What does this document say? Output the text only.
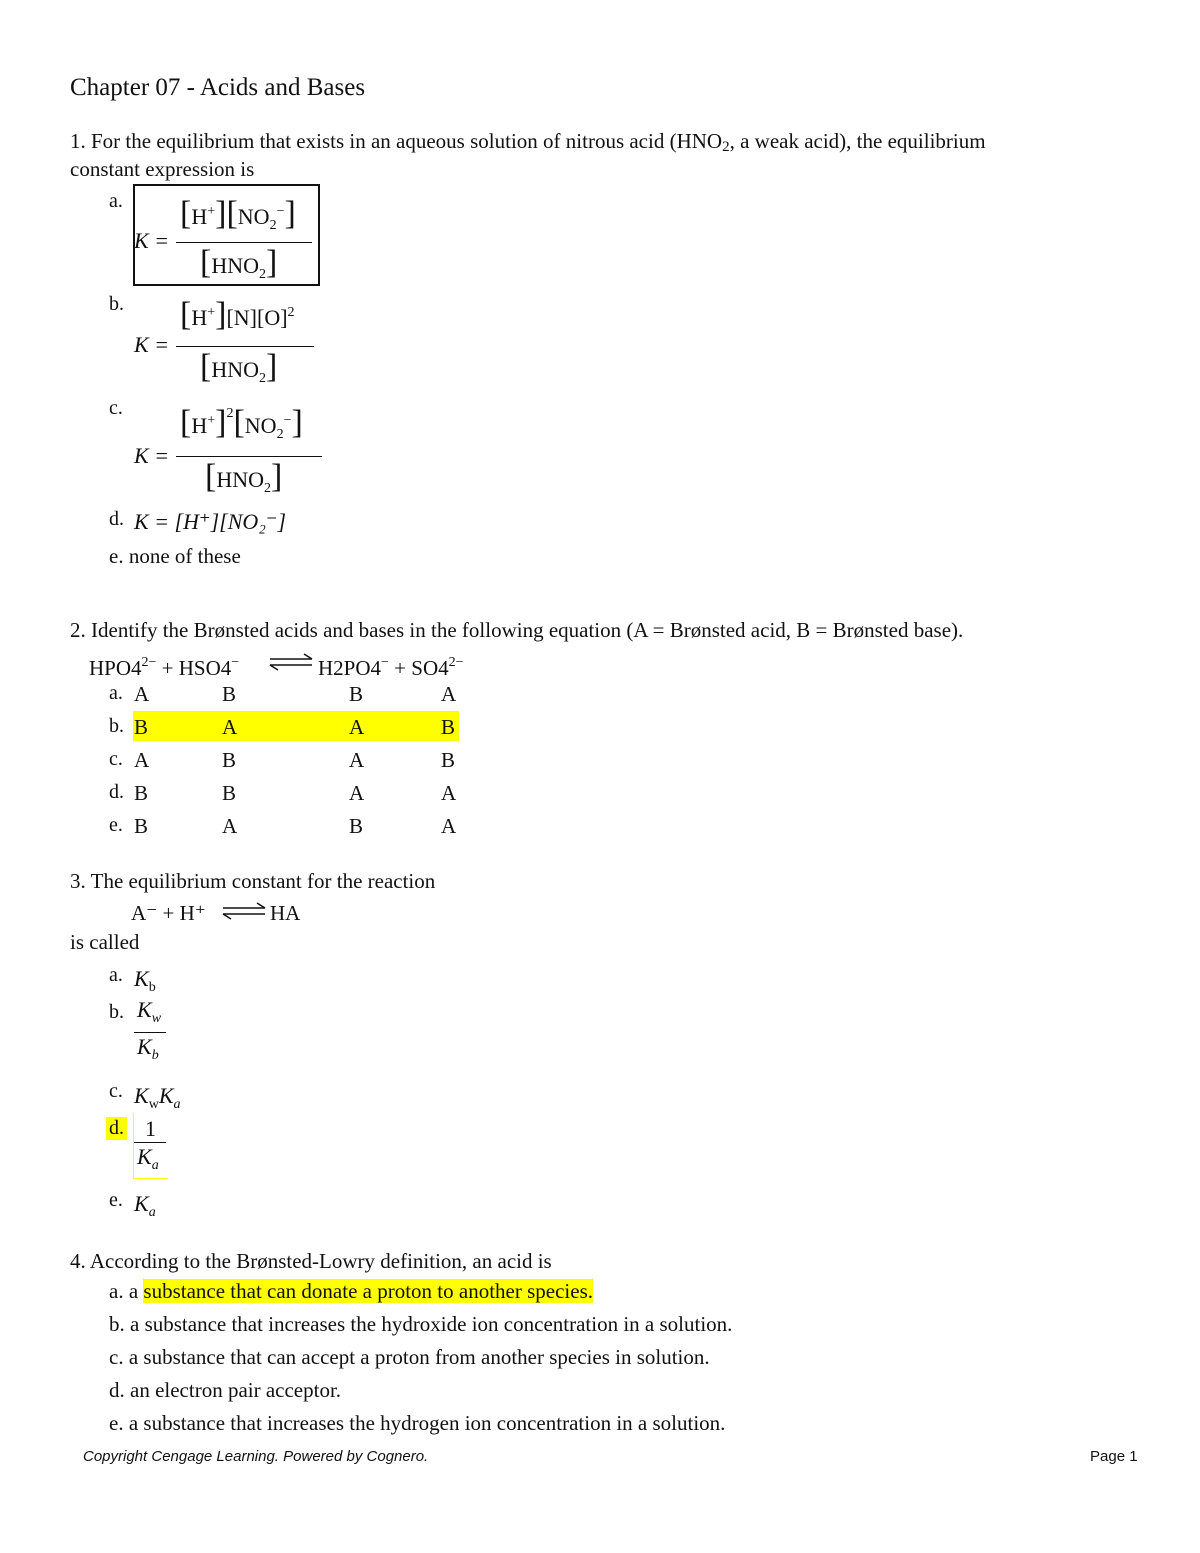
Chapter 07 - Acids and Bases
1. For the equilibrium that exists in an aqueous solution of nitrous acid ($HNO_2$, a weak acid), the equilibrium
constant expression is
a. $[H^+][NO_2^-]$
K =
$[HNO_2]$
b. $[H^+][N][O]^2$
K =
$[HNO_2]$
c. $[H^+]^2[NO_2^-]$
K =
$[HNO_2]$
d. K = [H⁺][NO₂⁻]
e. none of these
2. Identify the Brønsted acids and bases in the following equation (A = Brønsted acid, B = Brønsted base).
$HPO4^{2-} + HSO4^-$ ⇌ $H2PO4^- + SO4^{2-}$
a. A	B	B	A
b. B	A	A	B
c. A	B	A	B
d. B	B	A	A
e. B	A	B	A
3. The equilibrium constant for the reaction
A⁻ + H⁺ ⇌ HA
is called
a. $K_b$
b. $K_w$
$K_b$
c. $K_wK_a$
d. 1
$K_a$
e. $K_a$
4. According to the Brønsted-Lowry definition, an acid is
a. a substance that can donate a proton to another species.
b. a substance that increases the hydroxide ion concentration in a solution.
c. a substance that can accept a proton from another species in solution.
d. an electron pair acceptor.
e. a substance that increases the hydrogen ion concentration in a solution.
Copyright Cengage Learning. Powered by Cognero.	Page 1
